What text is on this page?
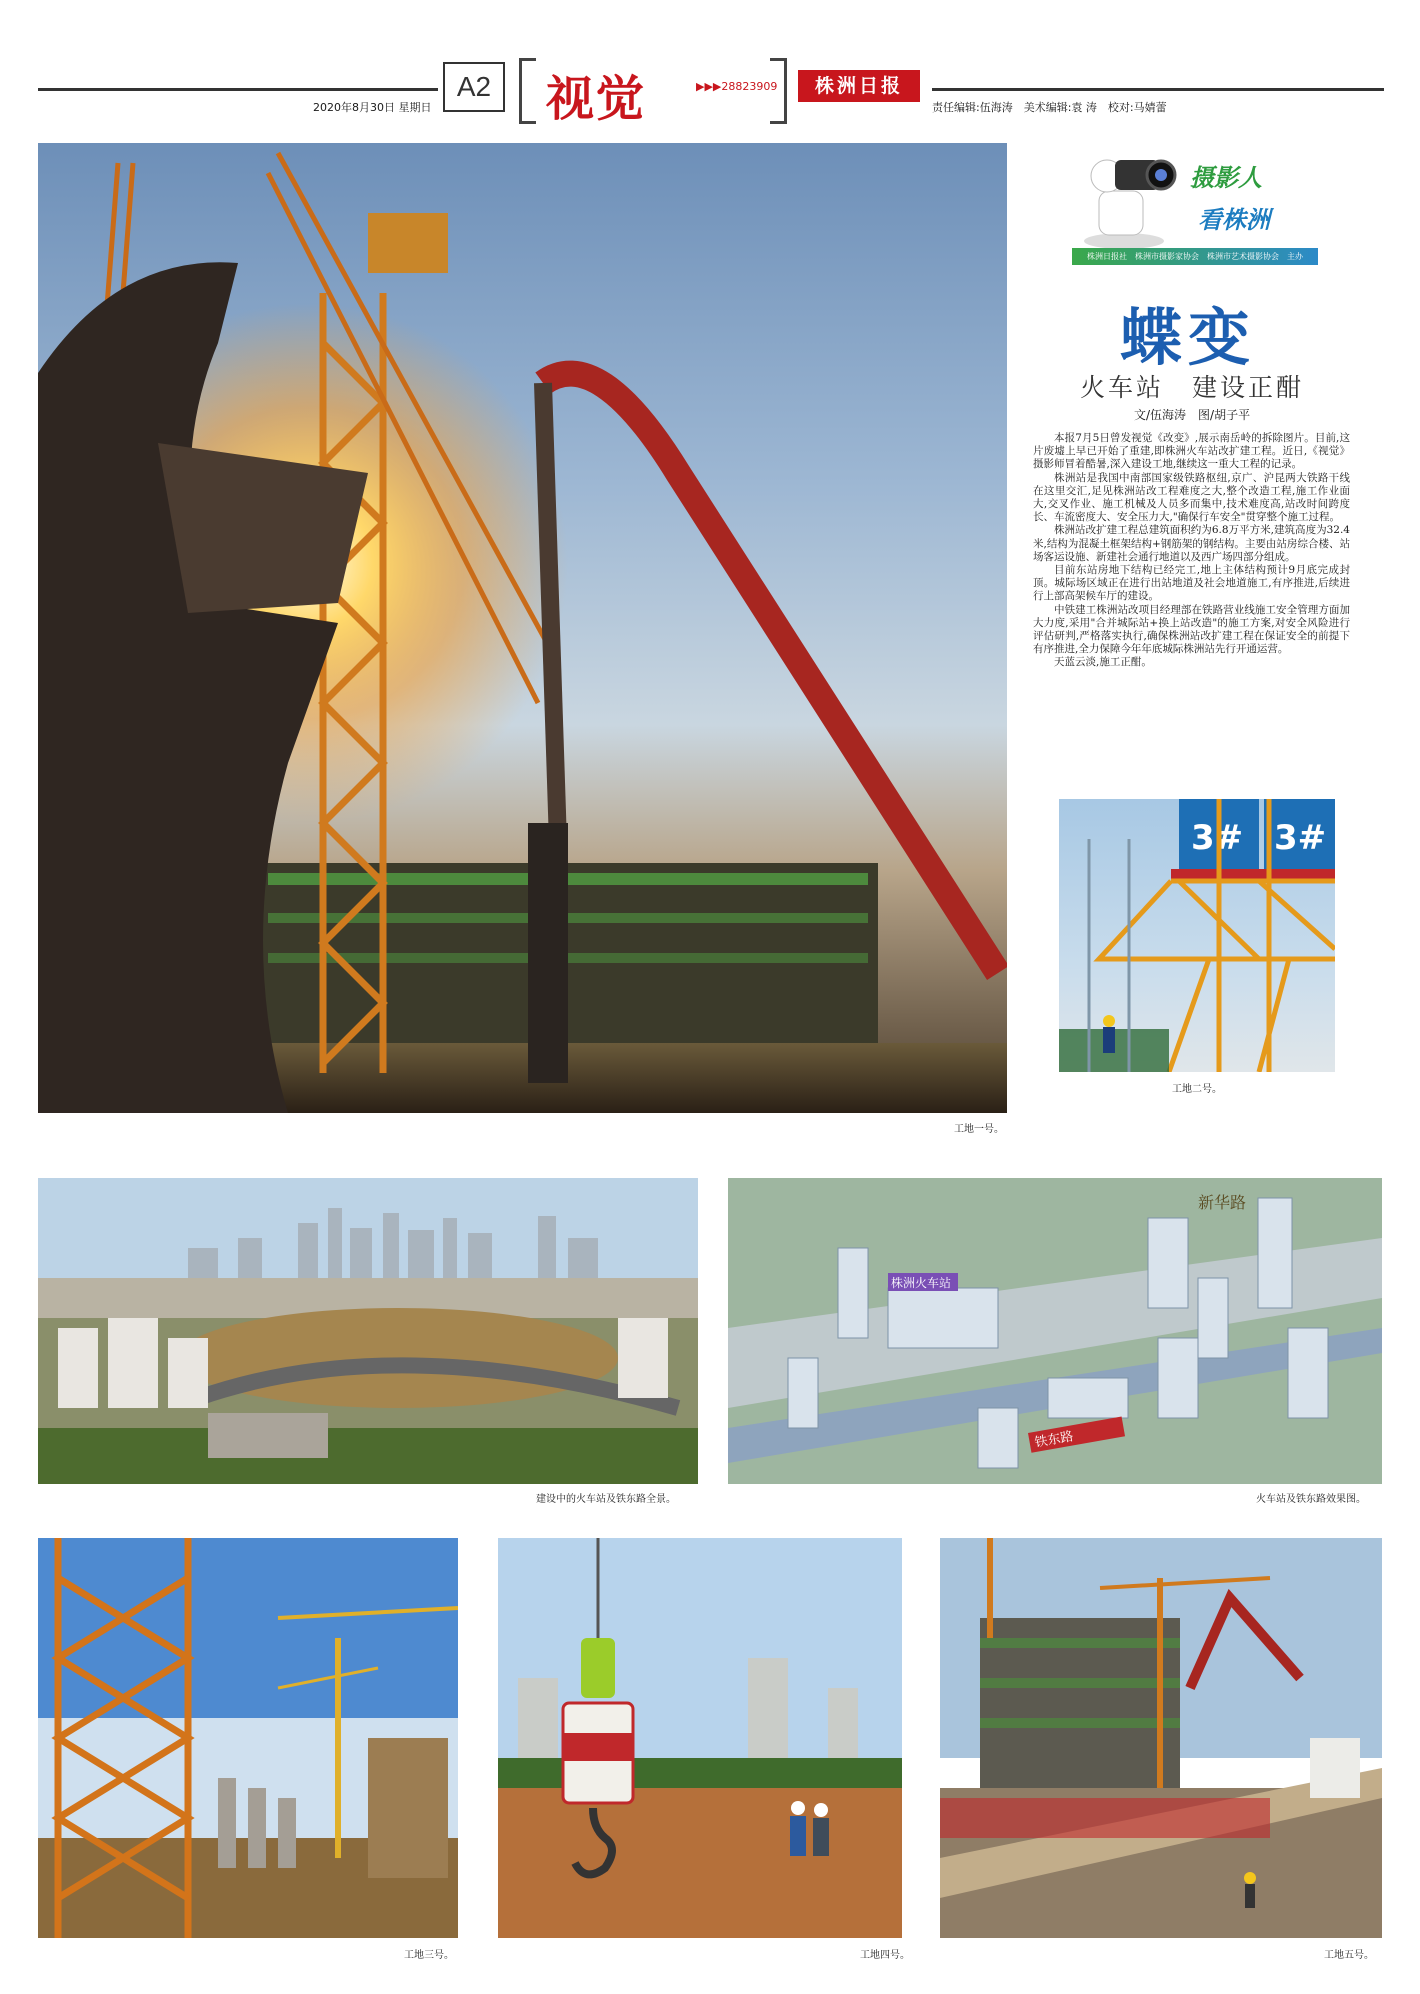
2020年8月30日 星期日
A2 视觉	▶▶▶28823909	株洲日报
责任编辑:伍海涛　美术编辑:袁 涛　校对:马婧蕾
工地一号。
摄影人
看株洲
株洲日报社　株洲市摄影家协会　株洲市艺术摄影协会　主办
蝶变
火车站　建设正酣
文/伍海涛　图/胡子平

本报7月5日曾发视觉《改变》,展示南岳岭的拆除图片。目前,这片废墟上早已开始了重建,即株洲火车站改扩建工程。近日,《视觉》摄影师冒着酷暑,深入建设工地,继续这一重大工程的记录。

株洲站是我国中南部国家级铁路枢纽,京广、沪昆两大铁路干线在这里交汇,足见株洲站改工程难度之大,整个改造工程,施工作业面大,交叉作业、施工机械及人员多而集中,技术难度高,站改时间跨度长、车流密度大、安全压力大,"确保行车安全"贯穿整个施工过程。

株洲站改扩建工程总建筑面积约为6.8万平方米,建筑高度为32.4米,结构为混凝土框架结构+钢筋架的钢结构。主要由站房综合楼、站场客运设施、新建社会通行地道以及西广场四部分组成。

目前东站房地下结构已经完工,地上主体结构预计9月底完成封顶。城际场区域正在进行出站地道及社会地道施工,有序推进,后续进行上部高架候车厅的建设。

中铁建工株洲站改项目经理部在铁路营业线施工安全管理方面加大力度,采用"合并城际站+换上站改造"的施工方案,对安全风险进行评估研判,严格落实执行,确保株洲站改扩建工程在保证安全的前提下有序推进,全力保障今年年底城际株洲站先行开通运营。

天蓝云淡,施工正酣。

3# 3#
工地二号。
建设中的火车站及铁东路全景。
株洲火车站
铁东路
新华路
火车站及铁东路效果图。
工地三号。	工地四号。	工地五号。
